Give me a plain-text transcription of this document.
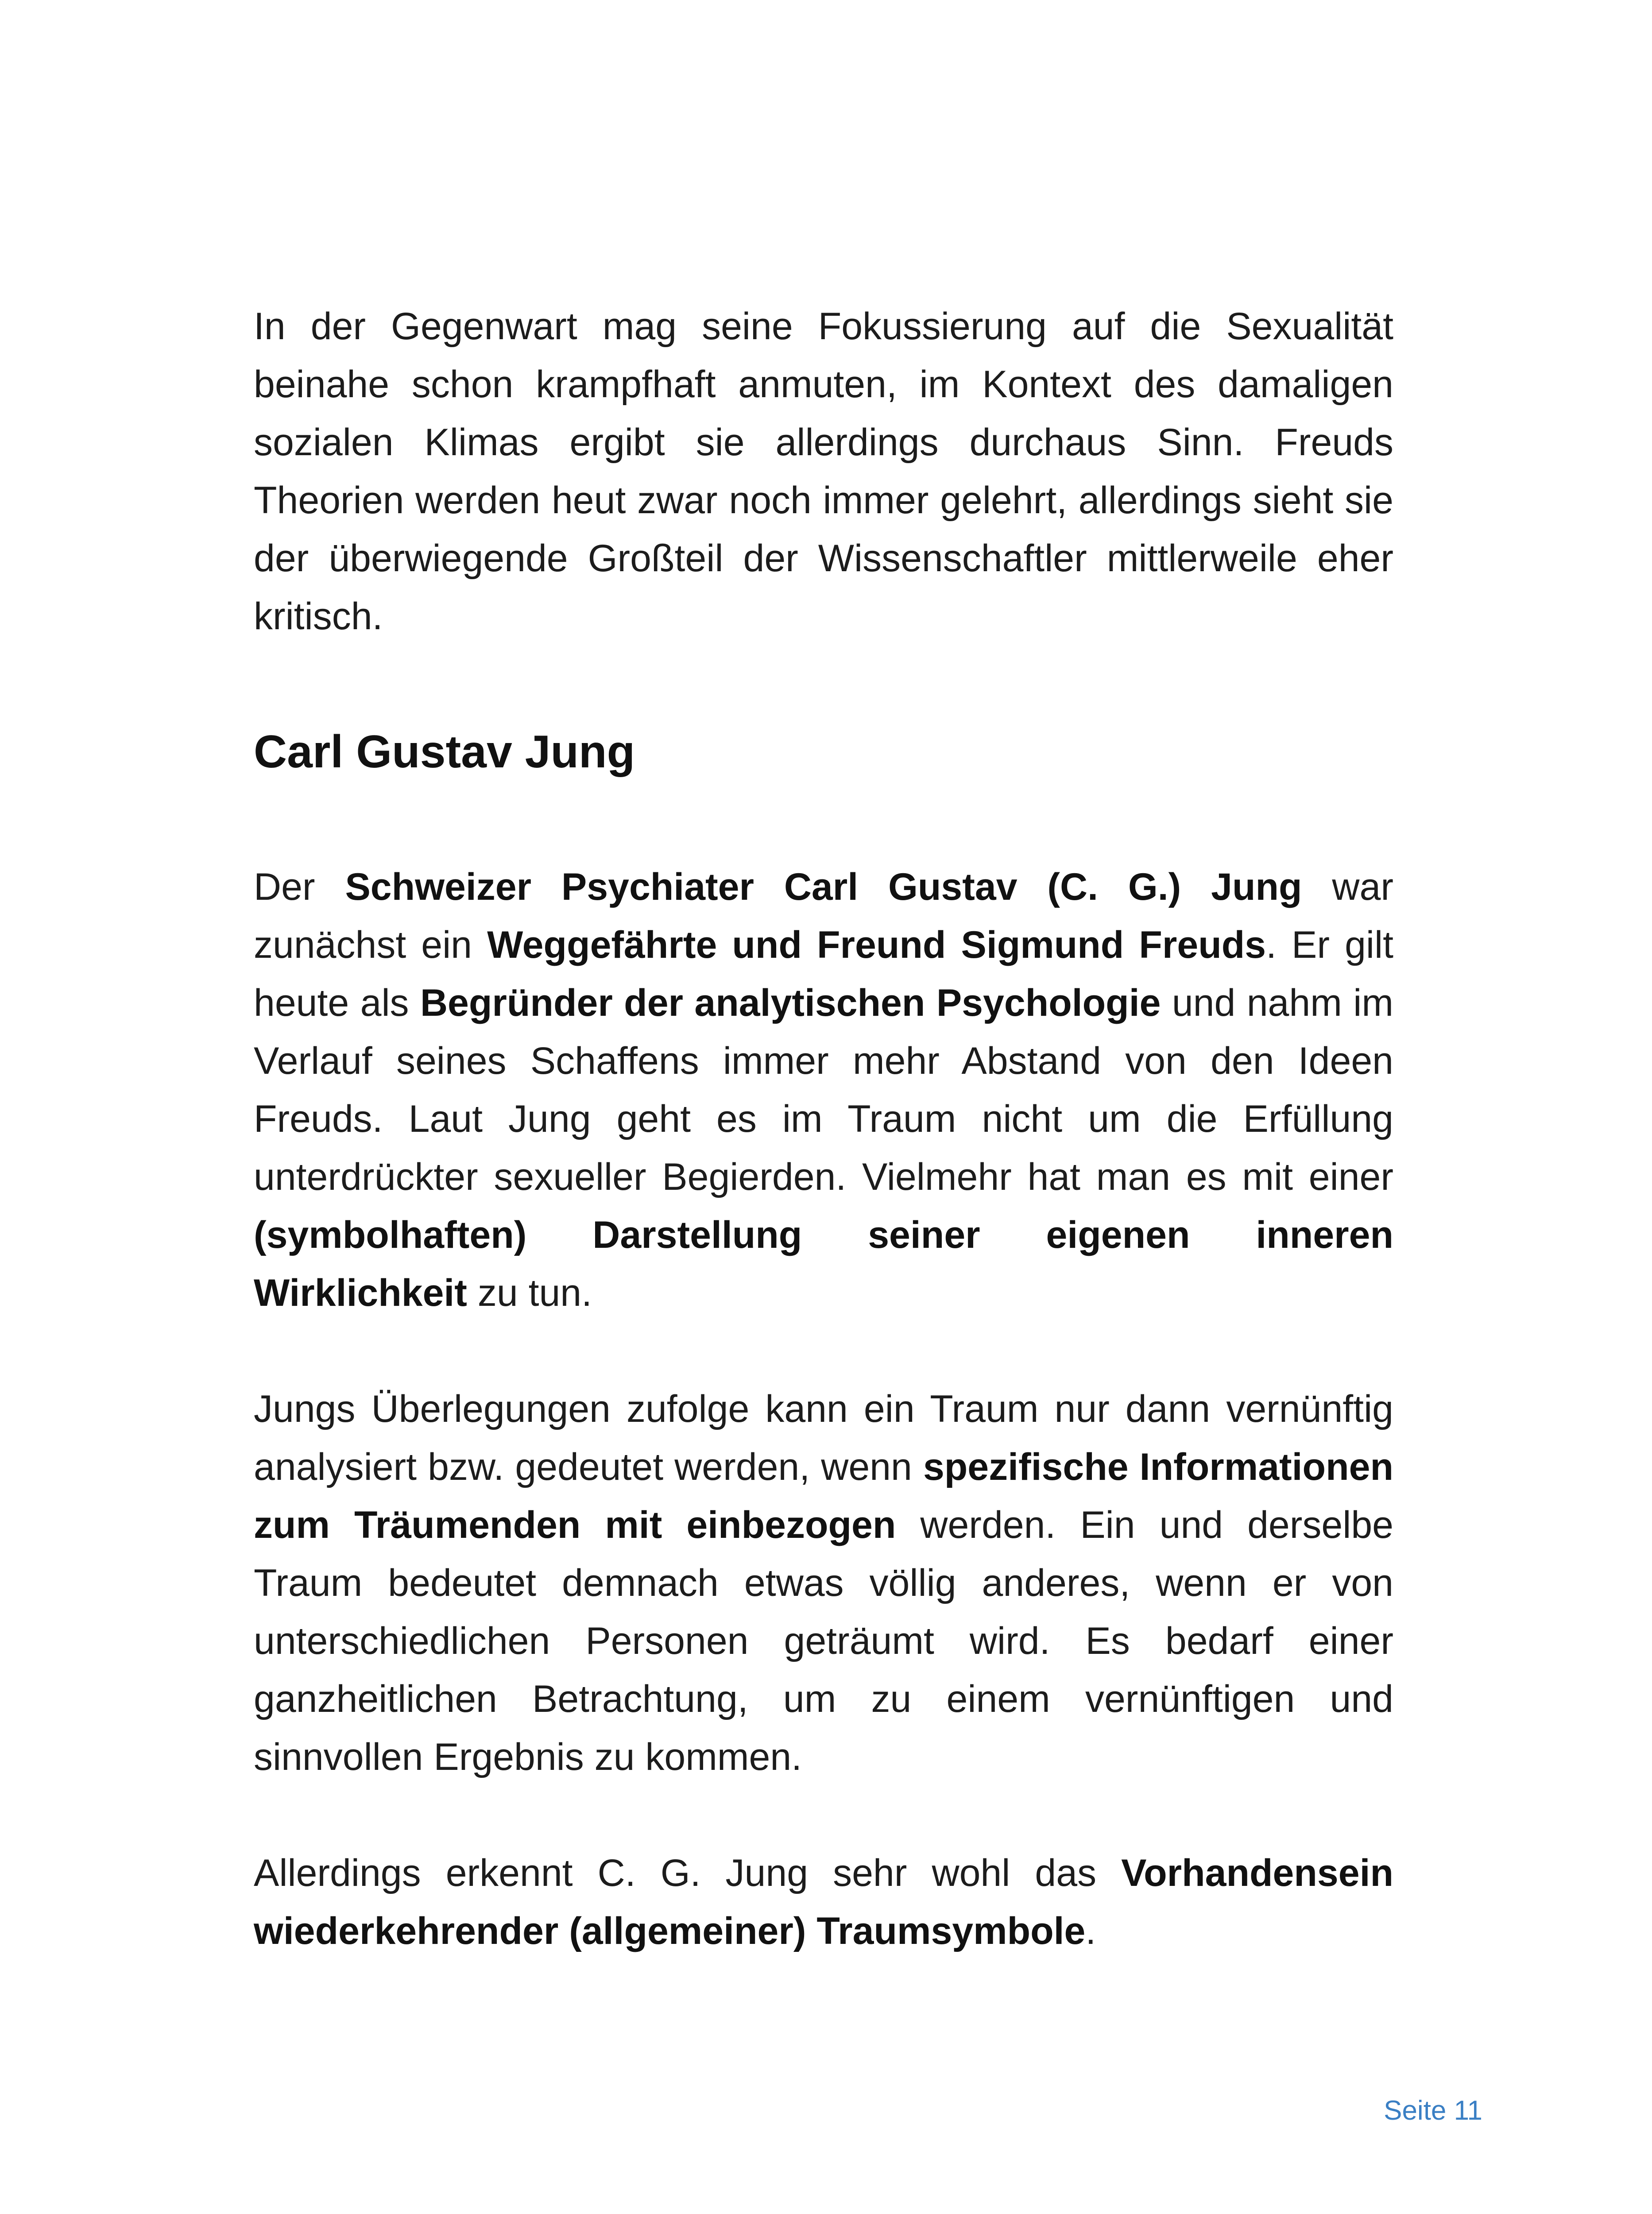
In der Gegenwart mag seine Fokussierung auf die Sexualität beinahe schon krampfhaft anmuten, im Kontext des damaligen sozialen Klimas ergibt sie allerdings durchaus Sinn. Freuds Theorien werden heut zwar noch immer gelehrt, allerdings sieht sie der überwiegende Großteil der Wissenschaftler mittlerweile eher kritisch.

Carl Gustav Jung

Der Schweizer Psychiater Carl Gustav (C. G.) Jung war zunächst ein Weggefährte und Freund Sigmund Freuds. Er gilt heute als Begründer der analytischen Psychologie und nahm im Verlauf seines Schaffens immer mehr Abstand von den Ideen Freuds. Laut Jung geht es im Traum nicht um die Erfüllung unterdrückter sexueller Begierden. Vielmehr hat man es mit einer (symbolhaften) Darstellung seiner eigenen inneren Wirklichkeit zu tun.

Jungs Überlegungen zufolge kann ein Traum nur dann vernünftig analysiert bzw. gedeutet werden, wenn spezifische Informationen zum Träumenden mit einbezogen werden. Ein und derselbe Traum bedeutet demnach etwas völlig anderes, wenn er von unterschiedlichen Personen geträumt wird. Es bedarf einer ganzheitlichen Betrachtung, um zu einem vernünftigen und sinnvollen Ergebnis zu kommen.

Allerdings erkennt C. G. Jung sehr wohl das Vorhandensein wiederkehrender (allgemeiner) Traumsymbole.

Seite 11
